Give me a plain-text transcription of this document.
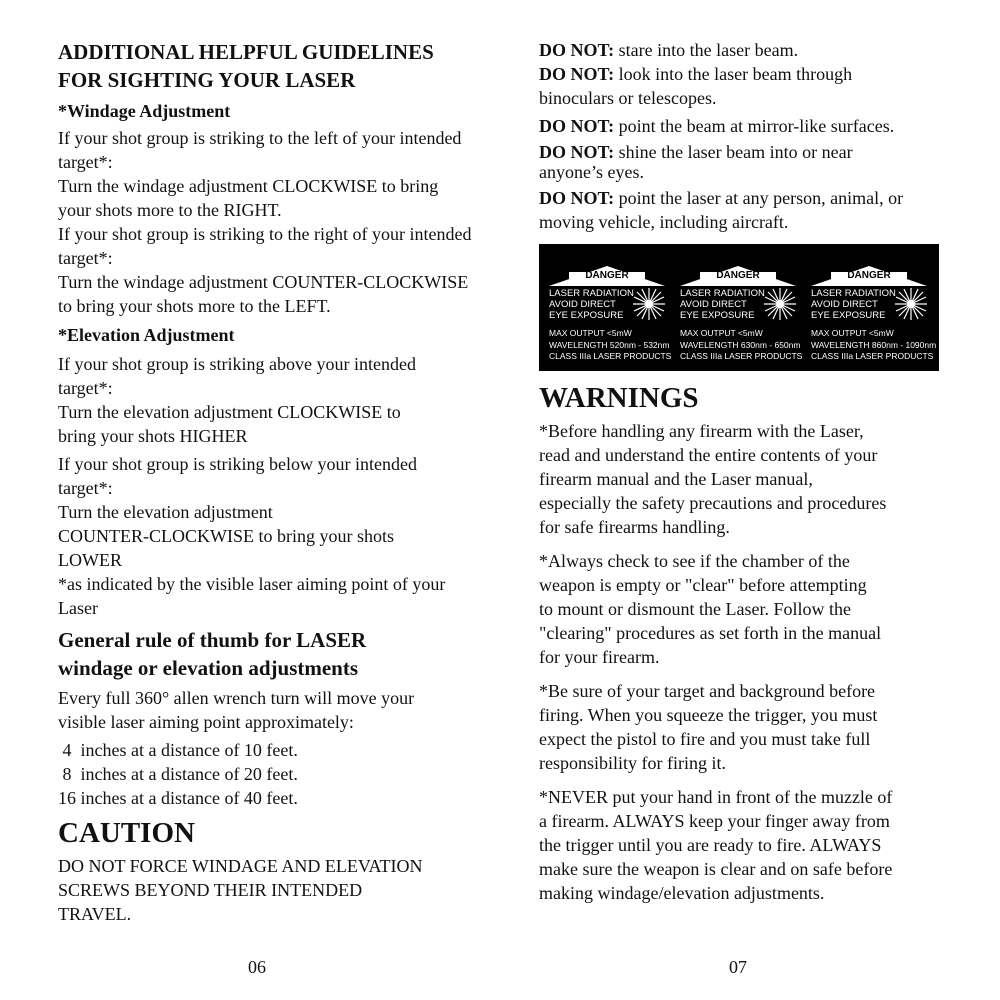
ADDITIONAL HELPFUL GUIDELINES

FOR SIGHTING YOUR LASER

*Windage Adjustment

If your shot group is striking to the left of your intended

target*:

Turn the windage adjustment CLOCKWISE to bring

your shots more to the RIGHT.

If your shot group is striking to the right of your intended

target*:

Turn the windage adjustment COUNTER-CLOCKWISE

to bring your shots more to the LEFT.

*Elevation Adjustment

If your shot group is striking above your intended

target*:

Turn the elevation adjustment CLOCKWISE to

bring your shots HIGHER

If your shot group is striking below your intended

target*:

Turn the elevation adjustment

COUNTER-CLOCKWISE to bring your shots

LOWER

*as indicated by the visible laser aiming point of your

Laser

General rule of thumb for LASER

windage or elevation adjustments

Every full 360° allen wrench turn will move your

visible laser aiming point approximately:

4  inches at a distance of 10 feet.

8  inches at a distance of 20 feet.

16 inches at a distance of 40 feet.

CAUTION

DO NOT FORCE WINDAGE AND ELEVATION

SCREWS BEYOND THEIR INTENDED

TRAVEL.

06

DO NOT: stare into the laser beam.

DO NOT: look into the laser beam through

binoculars or telescopes.

DO NOT: point the beam at mirror-like surfaces.

DO NOT: shine the laser beam into or near

anyone’s eyes.

DO NOT: point the laser at any person, animal, or

moving vehicle, including aircraft.

DANGER
LASER RADIATION
AVOID DIRECT
EYE EXPOSURE
MAX OUTPUT <5mW
WAVELENGTH 520nm - 532nm
CLASS IIIa LASER PRODUCTS
DANGER
LASER RADIATION
AVOID DIRECT
EYE EXPOSURE
MAX OUTPUT <5mW
WAVELENGTH 630nm - 650nm
CLASS IIIa LASER PRODUCTS
DANGER
LASER RADIATION
AVOID DIRECT
EYE EXPOSURE
MAX OUTPUT <5mW
WAVELENGTH 860nm - 1090nm
CLASS IIIa LASER PRODUCTS

WARNINGS

*Before handling any firearm with the Laser,

read and understand the entire contents of your

firearm manual and the Laser manual,

especially the safety precautions and procedures

for safe firearms handling.

*Always check to see if the chamber of the

weapon is empty or "clear" before attempting

to mount or dismount the Laser. Follow the

"clearing" procedures as set forth in the manual

for your firearm.

*Be sure of your target and background before

firing. When you squeeze the trigger, you must

expect the pistol to fire and you must take full

responsibility for firing it.

*NEVER put your hand in front of the muzzle of

a firearm. ALWAYS keep your finger away from

the trigger until you are ready to fire. ALWAYS

make sure the weapon is clear and on safe before

making windage/elevation adjustments.

07
